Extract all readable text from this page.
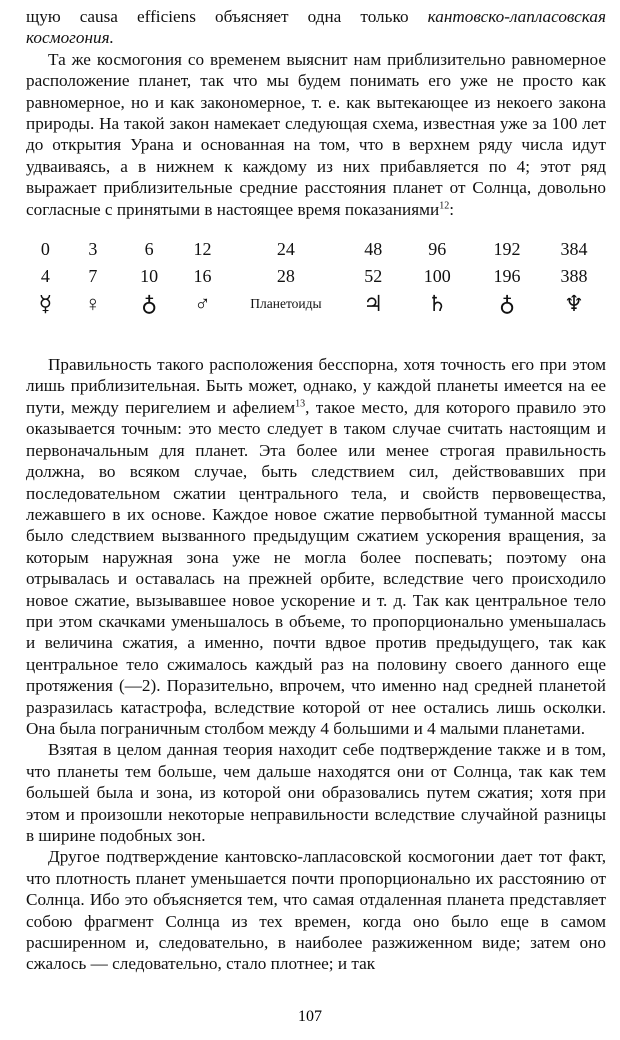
щую causa efficiens объясняет одна только кантовско-лапласовская космогония.

Та же космогония со временем выяснит нам приблизительно равномерное расположение планет, так что мы будем понимать его уже не просто как равномерное, но и как закономерное, т. е. как вытекающее из некоего закона природы. На такой закон намекает следующая схема, известная уже за 100 лет до открытия Урана и основанная на том, что в верхнем ряду числа идут удваиваясь, а в нижнем к каждому из них прибавляется по 4; этот ряд выражает приблизительные средние расстояния планет от Солнца, довольно согласные с принятыми в настоящее время показаниями$^{12}$:

0	3	6	12	24	48	96	192	384
4	7	10	16	28	52	100	196	388
☿	♀	♁	♂	Планетоиды	♃	♄	♁	♆

Правильность такого расположения бесспорна, хотя точность его при этом лишь приблизительная. Быть может, однако, у каждой планеты имеется на ее пути, между перигелием и афелием$^{13}$, такое место, для которого правило это оказывается точным: это место следует в таком случае считать настоящим и первоначальным для планет. Эта более или менее строгая правильность должна, во всяком случае, быть следствием сил, действовавших при последовательном сжатии центрального тела, и свойств первовещества, лежавшего в их основе. Каждое новое сжатие первобытной туманной массы было следствием вызванного предыдущим сжатием ускорения вращения, за которым наружная зона уже не могла более поспевать; поэтому она отрывалась и оставалась на прежней орбите, вследствие чего происходило новое сжатие, вызывавшее новое ускорение и т. д. Так как центральное тело при этом скачками уменьшалось в объеме, то пропорционально уменьшалась и величина сжатия, а именно, почти вдвое против предыдущего, так как центральное тело сжималось каждый раз на половину своего данного еще протяжения (—2). Поразительно, впрочем, что именно над средней планетой разразилась катастрофа, вследствие которой от нее остались лишь осколки. Она была пограничным столбом между 4 большими и 4 малыми планетами.

Взятая в целом данная теория находит себе подтверждение также и в том, что планеты тем больше, чем дальше находятся они от Солнца, так как тем большей была и зона, из которой они образовались путем сжатия; хотя при этом и произошли некоторые неправильности вследствие случайной разницы в ширине подобных зон.

Другое подтверждение кантовско-лапласовской космогонии дает тот факт, что плотность планет уменьшается почти пропорционально их расстоянию от Солнца. Ибо это объясняется тем, что самая отдаленная планета представляет собою фрагмент Солнца из тех времен, когда оно было еще в самом расширенном и, следовательно, в наиболее разжиженном виде; затем оно сжалось — следовательно, стало плотнее; и так

107
